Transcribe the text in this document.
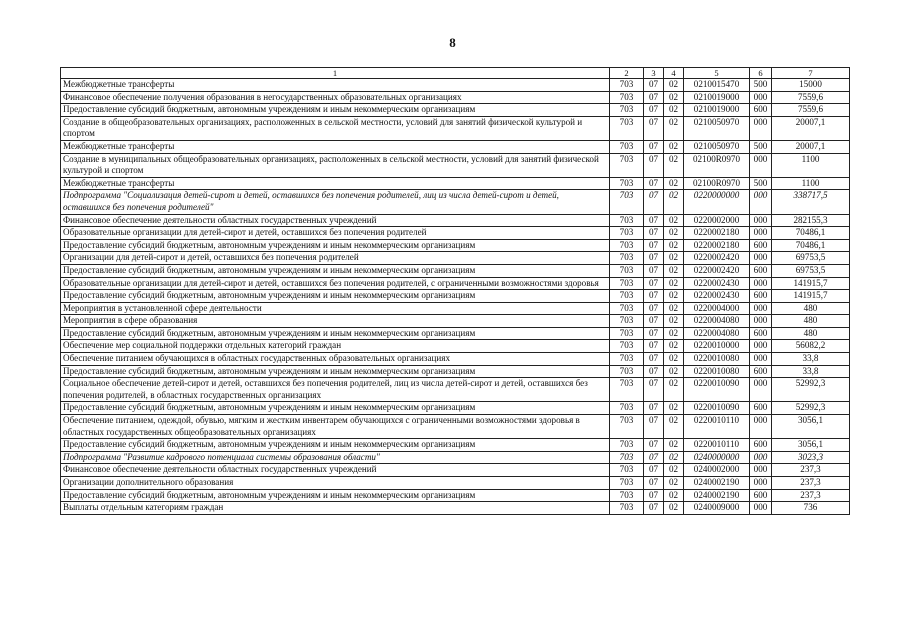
8
1	2	3	4	5	6	7
Межбюджетные трансферты	703	07	02	0210015470	500	15000
Финансовое обеспечение получения образования в негосударственных образовательных организациях	703	07	02	0210019000	000	7559,6
Предоставление субсидий бюджетным, автономным учреждениям и иным некоммерческим организациям	703	07	02	0210019000	600	7559,6
Создание в общеобразовательных организациях, расположенных в сельской местности, условий для занятий физической культурой и спортом	703	07	02	0210050970	000	20007,1
Межбюджетные трансферты	703	07	02	0210050970	500	20007,1
Создание в муниципальных общеобразовательных организациях, расположенных в сельской местности, условий для занятий физической культурой и спортом	703	07	02	02100R0970	000	1100
Межбюджетные трансферты	703	07	02	02100R0970	500	1100
Подпрограмма "Социализация детей-сирот и детей, оставшихся без попечения родителей, лиц из числа детей-сирот и детей, оставшихся без попечения родителей"	703	07	02	0220000000	000	338717,5
Финансовое обеспечение деятельности областных государственных учреждений	703	07	02	0220002000	000	282155,3
Образовательные организации для детей-сирот и детей, оставшихся без попечения родителей	703	07	02	0220002180	000	70486,1
Предоставление субсидий бюджетным, автономным учреждениям и иным некоммерческим организациям	703	07	02	0220002180	600	70486,1
Организации для детей-сирот и детей, оставшихся без попечения родителей	703	07	02	0220002420	000	69753,5
Предоставление субсидий бюджетным, автономным учреждениям и иным некоммерческим организациям	703	07	02	0220002420	600	69753,5
Образовательные организации для детей-сирот и детей, оставшихся без попечения родителей, с ограниченными возможностями здоровья	703	07	02	0220002430	000	141915,7
Предоставление субсидий бюджетным, автономным учреждениям и иным некоммерческим организациям	703	07	02	0220002430	600	141915,7
Мероприятия в установленной сфере деятельности	703	07	02	0220004000	000	480
Мероприятия в сфере образования	703	07	02	0220004080	000	480
Предоставление субсидий бюджетным, автономным учреждениям и иным некоммерческим организациям	703	07	02	0220004080	600	480
Обеспечение мер социальной поддержки отдельных категорий граждан	703	07	02	0220010000	000	56082,2
Обеспечение питанием обучающихся в областных государственных образовательных организациях	703	07	02	0220010080	000	33,8
Предоставление субсидий бюджетным, автономным учреждениям и иным некоммерческим организациям	703	07	02	0220010080	600	33,8
Социальное обеспечение детей-сирот и детей, оставшихся без попечения родителей, лиц из числа детей-сирот и детей, оставшихся без попечения родителей, в областных государственных организациях	703	07	02	0220010090	000	52992,3
Предоставление субсидий бюджетным, автономным учреждениям и иным некоммерческим организациям	703	07	02	0220010090	600	52992,3
Обеспечение питанием, одеждой, обувью, мягким и жестким инвентарем обучающихся с ограниченными возможностями здоровья в областных государственных общеобразовательных организациях	703	07	02	0220010110	000	3056,1
Предоставление субсидий бюджетным, автономным учреждениям и иным некоммерческим организациям	703	07	02	0220010110	600	3056,1
Подпрограмма "Развитие кадрового потенциала системы образования области"	703	07	02	0240000000	000	3023,3
Финансовое обеспечение деятельности областных государственных учреждений	703	07	02	0240002000	000	237,3
Организации дополнительного образования	703	07	02	0240002190	000	237,3
Предоставление субсидий бюджетным, автономным учреждениям и иным некоммерческим организациям	703	07	02	0240002190	600	237,3
Выплаты отдельным категориям граждан	703	07	02	0240009000	000	736
